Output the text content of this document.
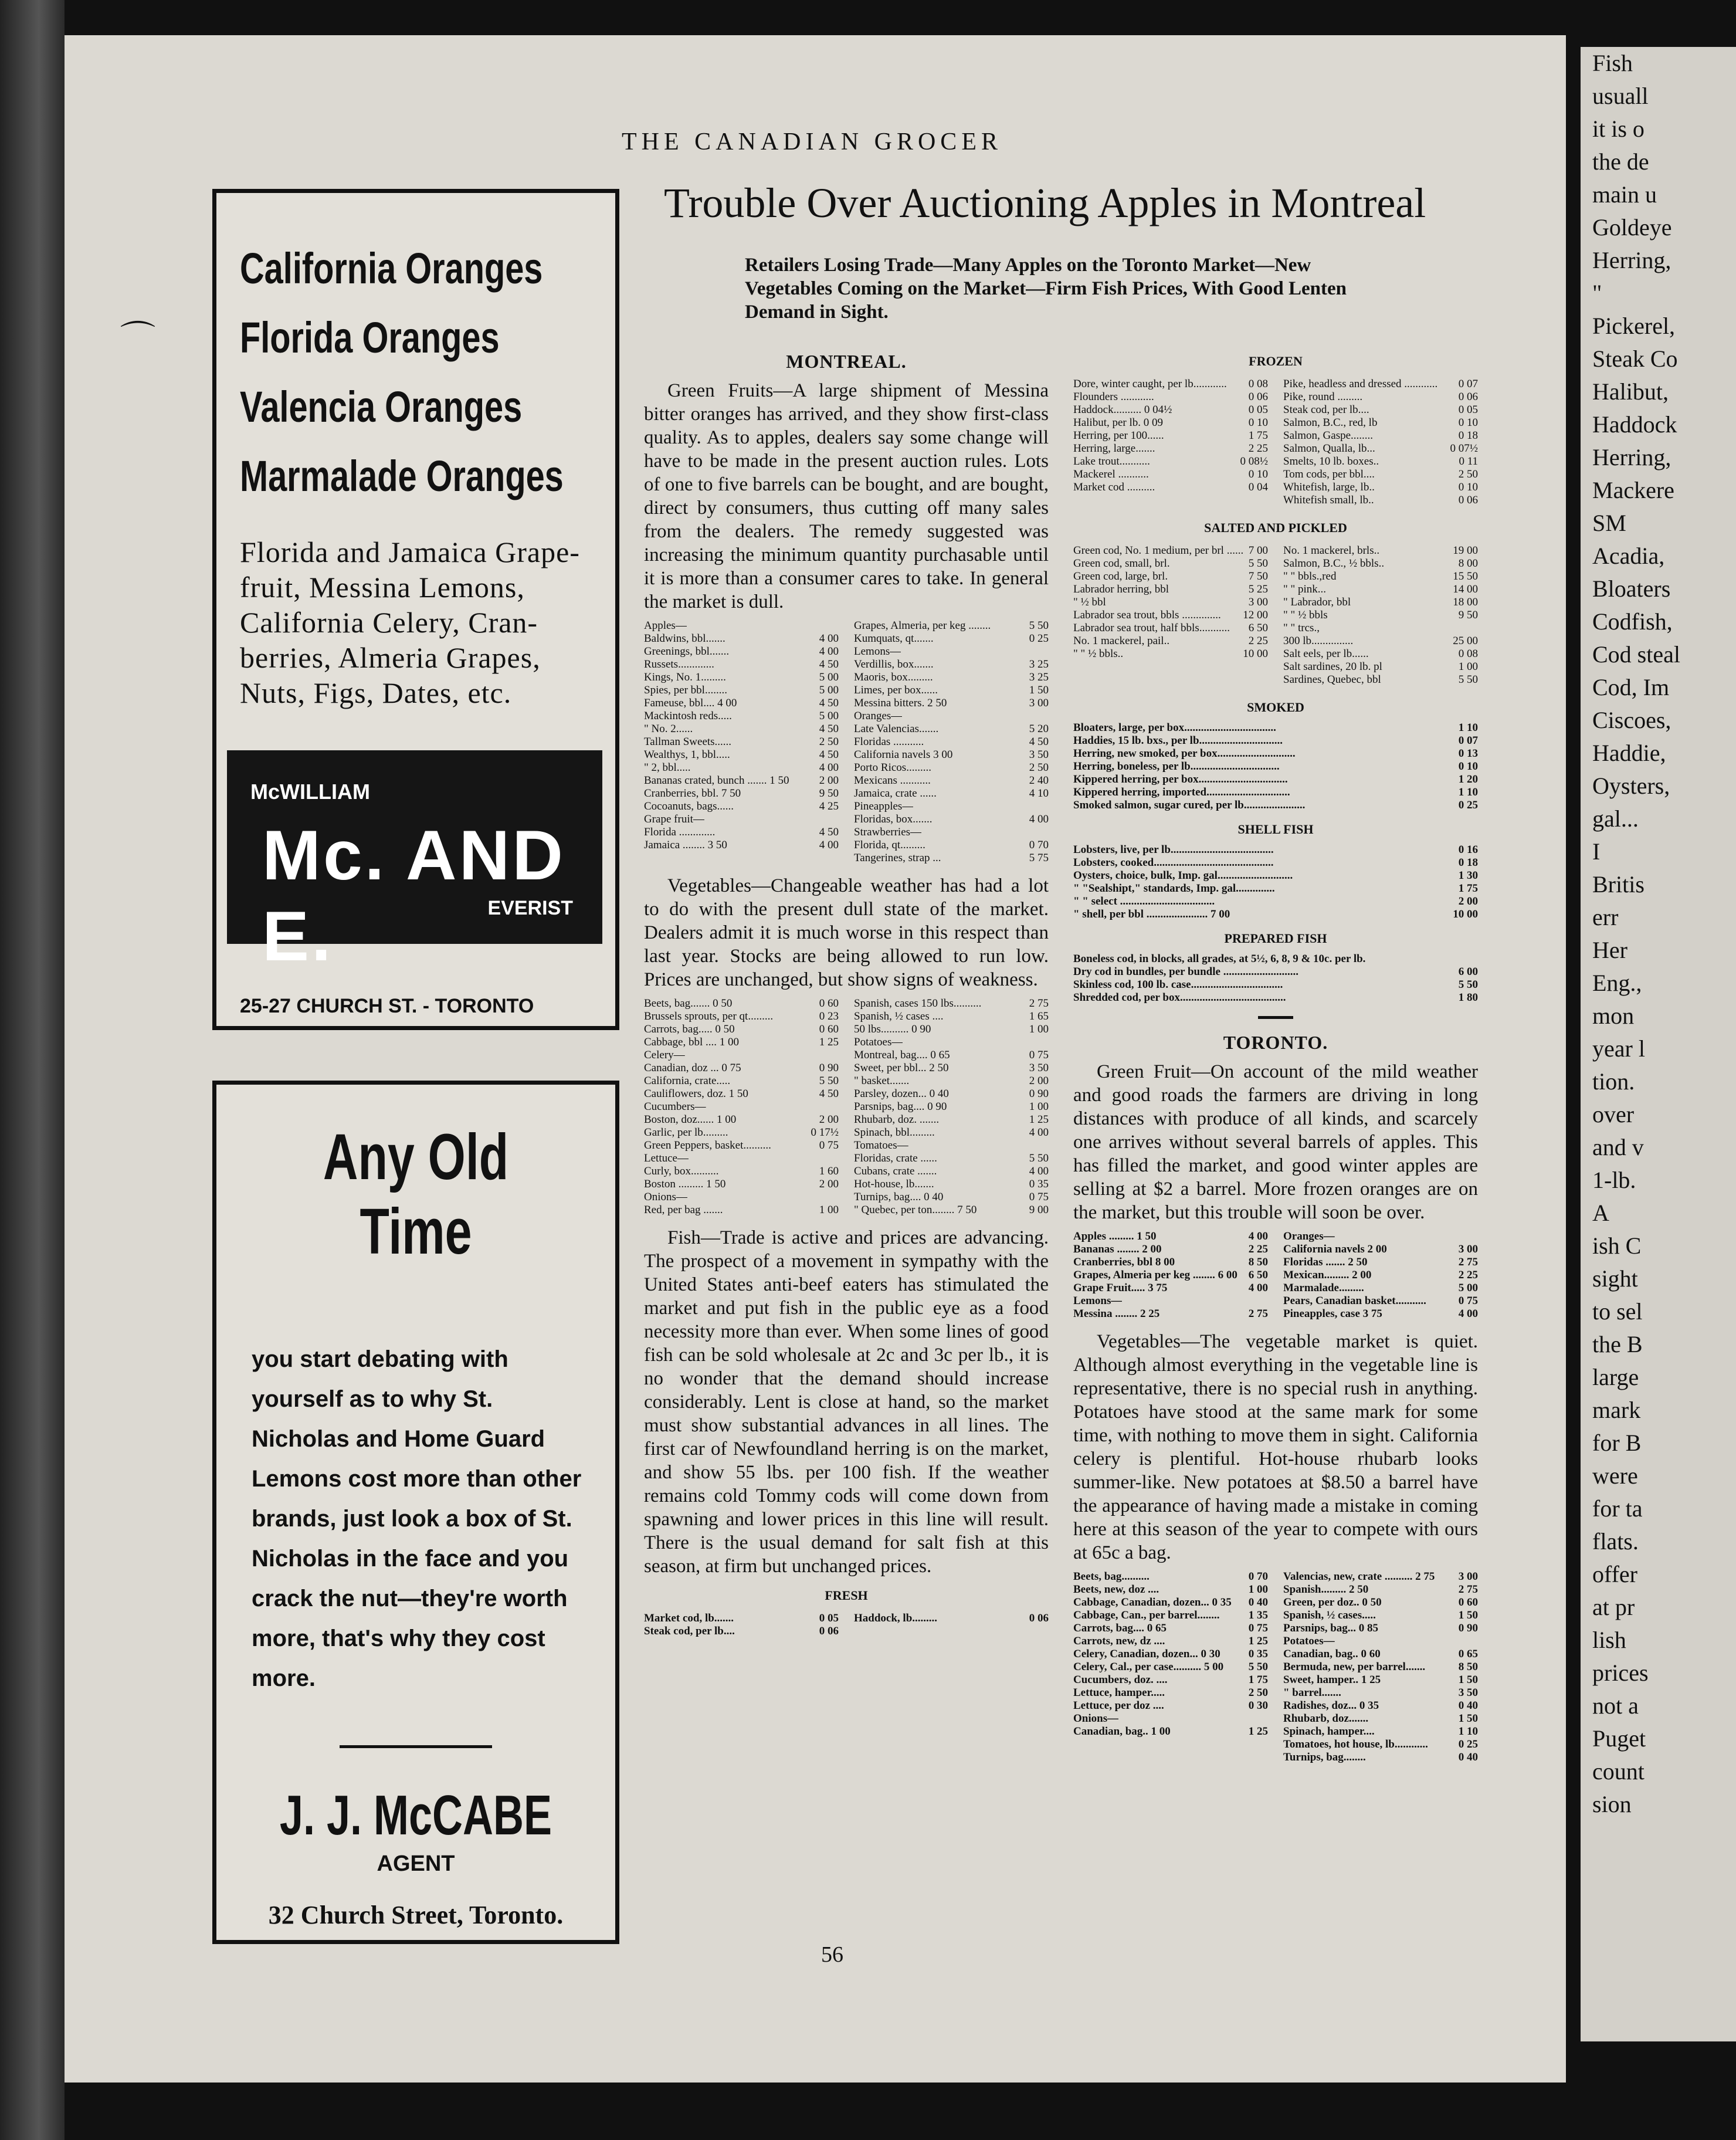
Fish
usuall
it is o
the de
main u
Goldeye
Herring,
"
Pickerel,
Steak Co
Halibut,
Haddock
Herring,
Mackere
SM
Acadia,
Bloaters
Codfish,
Cod steal
Cod, Im
Ciscoes,
Haddie,
Oysters,
gal...
I
Britis
err
Her
Eng.,
mon
year l
tion.
over
and v
1-lb.
A
ish C
sight
to sel
the B
large
mark
for B
were
for ta
flats.
offer
at pr
lish
prices
not a
Puget
count
sion
THE CANADIAN GROCER
⌒
California Oranges
Florida Oranges
Valencia Oranges
Marmalade Oranges
Florida and Jamaica Grape- fruit, Messina Lemons, California Celery, Cran- berries, Almeria Grapes, Nuts, Figs, Dates, etc.
McWILLIAM
Mc. AND E.	EVERIST
25-27 CHURCH ST. - TORONTO
Any Old Time
you start debating with yourself as to why St. Nicholas and Home Guard Lemons cost more than other brands, just look a box of St. Nicholas in the face and you crack the nut—they're worth more, that's why they cost more.
J. J. McCABE
AGENT
32 Church Street, Toronto.
Trouble Over Auctioning Apples in Montreal
Retailers Losing Trade—Many Apples on the Toronto Market—New Vegetables Coming on the Market—Firm Fish Prices, With Good Lenten Demand in Sight.
MONTREAL.

Green Fruits—A large shipment of Messina bitter oranges has arrived, and they show first-class quality. As to apples, dealers say some change will have to be made in the present auction rules. Lots of one to five barrels can be bought, and are bought, direct by consumers, thus cutting off many sales from the dealers. The remedy suggested was increasing the minimum quantity purchasable until it is more than a consumer cares to take. In general the market is dull.

Apples—
Baldwins, bbl.......	4 00
Greenings, bbl.......	4 00
Russets.............	4 50
Kings, No. 1.........	5 00
Spies, per bbl........	5 00
Fameuse, bbl.... 4 00	4 50
Mackintosh reds.....	5 00
" No. 2......	4 50
Tallman Sweets......	2 50
Wealthys, 1, bbl.....	4 50
" 2, bbl.....	4 00
Bananas crated, bunch ....... 1 50	2 00
Cranberries, bbl. 7 50	9 50
Cocoanuts, bags......	4 25
Grape fruit—
Florida .............	4 50
Jamaica ........ 3 50	4 00
Grapes, Almeria, per keg ........	5 50
Kumquats, qt.......	0 25
Lemons—
Verdillis, box.......	3 25
Maoris, box.........	3 25
Limes, per box......	1 50
Messina bitters. 2 50	3 00
Oranges—
Late Valencias.......	5 20
Floridas ...........	4 50
California navels 3 00	3 50
Porto Ricos.........	2 50
Mexicans ...........	2 40
Jamaica, crate ......	4 10
Pineapples—
Floridas, box.......	4 00
Strawberries—
Florida, qt.........	0 70
Tangerines, strap ...	5 75

Vegetables—Changeable weather has had a lot to do with the present dull state of the market. Dealers admit it is much worse in this respect than last year. Stocks are being allowed to run low. Prices are unchanged, but show signs of weakness.

Beets, bag....... 0 50	0 60
Brussels sprouts, per qt.........	0 23
Carrots, bag..... 0 50	0 60
Cabbage, bbl .... 1 00	1 25
Celery—
Canadian, doz ... 0 75	0 90
California, crate.....	5 50
Cauliflowers, doz. 1 50	4 50
Cucumbers—
Boston, doz...... 1 00	2 00
Garlic, per lb.........	0 17½
Green Peppers, basket..........	0 75
Lettuce—
Curly, box..........	1 60
Boston ......... 1 50	2 00
Onions—
Red, per bag .......	1 00
Spanish, cases 150 lbs..........	2 75
Spanish, ½ cases ....	1 65
50 lbs.......... 0 90	1 00
Potatoes—
Montreal, bag.... 0 65	0 75
Sweet, per bbl... 2 50	3 50
" basket.......	2 00
Parsley, dozen... 0 40	0 90
Parsnips, bag.... 0 90	1 00
Rhubarb, doz. .......	1 25
Spinach, bbl.........	4 00
Tomatoes—
Floridas, crate ......	5 50
Cubans, crate .......	4 00
Hot-house, lb.......	0 35
Turnips, bag.... 0 40	0 75
" Quebec, per ton........ 7 50	9 00

Fish—Trade is active and prices are advancing. The prospect of a movement in sympathy with the United States anti-beef eaters has stimulated the market and put fish in the public eye as a food necessity more than ever. When some lines of good fish can be sold wholesale at 2c and 3c per lb., it is no wonder that the demand should increase considerably. Lent is close at hand, so the market must show substantial advances in all lines. The first car of Newfoundland herring is on the market, and show 55 lbs. per 100 fish. If the weather remains cold Tommy cods will come down from spawning and lower prices in this line will result. There is the usual demand for salt fish at this season, at firm but unchanged prices.

FRESH
Market cod, lb.......	0 05
Steak cod, per lb....	0 06
Haddock, lb.........	0 06
FROZEN
Dore, winter caught, per lb............ 0 08
Flounders ............	0 06
Haddock.......... 0 04½	0 05
Halibut, per lb. 0 09	0 10
Herring, per 100......	1 75
Herring, large.......	2 25
Lake trout...........	0 08½
Mackerel ...........	0 10
Market cod ..........	0 04
Pike, headless and dressed ............ 0 07
Pike, round .........	0 06
Steak cod, per lb....	0 05
Salmon, B.C., red, lb	0 10
Salmon, Gaspe........	0 18
Salmon, Qualla, lb...	0 07½
Smelts, 10 lb. boxes..	0 11
Tom cods, per bbl....	2 50
Whitefish, large, lb..	0 10
Whitefish small, lb..	0 06
SALTED AND PICKLED
Green cod, No. 1 medium, per brl ...... 7 00
Green cod, small, brl.	5 50
Green cod, large, brl.	7 50
Labrador herring, bbl	5 25
" ½ bbl	3 00
Labrador sea trout, bbls .............. 12 00
Labrador sea trout, half bbls........... 6 50
No. 1 mackerel, pail..	2 25
" " ½ bbls..	10 00
No. 1 mackerel, brls..	19 00
Salmon, B.C., ½ bbls..	8 00
" " bbls.,red	15 50
" " pink...	14 00
" Labrador, bbl	18 00
" " ½ bbls	9 50
" " trcs.,
300 lb...............	25 00
Salt eels, per lb......	0 08
Salt sardines, 20 lb. pl	1 00
Sardines, Quebec, bbl	5 50
SMOKED
Bloaters, large, per box.................................	1 10
Haddies, 15 lb. bxs., per lb..............................	0 07
Herring, new smoked, per box............................	0 13
Herring, boneless, per lb................................	0 10
Kippered herring, per box................................	1 20
Kippered herring, imported..............................	1 10
Smoked salmon, sugar cured, per lb......................	0 25
SHELL FISH
Lobsters, live, per lb.....................................	0 16
Lobsters, cooked...........................................	0 18
Oysters, choice, bulk, Imp. gal...........................	1 30
" "Sealshipt," standards, Imp. gal..............	1 75
" " select ..................................	2 00
" shell, per bbl ...................... 7 00	10 00
PREPARED FISH
Boneless cod, in blocks, all grades, at 5½, 6, 8, 9 & 10c. per lb.
Dry cod in bundles, per bundle ...........................	6 00
Skinless cod, 100 lb. case.................................	5 50
Shredded cod, per box......................................	1 80
TORONTO.

Green Fruit—On account of the mild weather and good roads the farmers are driving in long distances with produce of all kinds, and scarcely one arrives without several barrels of apples. This has filled the market, and good winter apples are selling at $2 a barrel. More frozen oranges are on the market, but this trouble will soon be over.

Apples ......... 1 50	4 00
Bananas ........ 2 00	2 25
Cranberries, bbl 8 00	8 50
Grapes, Almeria per keg ........ 6 00 6 50
Grape Fruit..... 3 75	4 00
Lemons—
Messina ........ 2 25	2 75
Oranges—
California navels 2 00	3 00
Floridas ....... 2 50	2 75
Mexican......... 2 00	2 25
Marmalade.........	5 00
Pears, Canadian basket...........	0 75
Pineapples, case 3 75	4 00

Vegetables—The vegetable market is quiet. Although almost everything in the vegetable line is representative, there is no special rush in anything. Potatoes have stood at the same mark for some time, with nothing to move them in sight. California celery is plentiful. Hot-house rhubarb looks summer-like. New potatoes at $8.50 a barrel have the appearance of having made a mistake in coming here at this season of the year to compete with ours at 65c a bag.

Beets, bag..........	0 70
Beets, new, doz ....	1 00
Cabbage, Canadian, dozen... 0 35 0 40
Cabbage, Can., per barrel........	1 35
Carrots, bag.... 0 65	0 75
Carrots, new, dz ....	1 25
Celery, Canadian, dozen... 0 30	0 35
Celery, Cal., per case.......... 5 00 5 50
Cucumbers, doz. ....	1 75
Lettuce, hamper.....	2 50
Lettuce, per doz ....	0 30
Onions—
Canadian, bag.. 1 00	1 25
Valencias, new, crate .......... 2 75 3 00
Spanish......... 2 50	2 75
Green, per doz.. 0 50	0 60
Spanish, ½ cases.....	1 50
Parsnips, bag... 0 85	0 90
Potatoes—
Canadian, bag.. 0 60	0 65
Bermuda, new, per barrel.......	8 50
Sweet, hamper.. 1 25	1 50
" barrel.......	3 50
Radishes, doz... 0 35	0 40
Rhubarb, doz.......	1 50
Spinach, hamper....	1 10
Tomatoes, hot house, lb............	0 25
Turnips, bag........	0 40
56
